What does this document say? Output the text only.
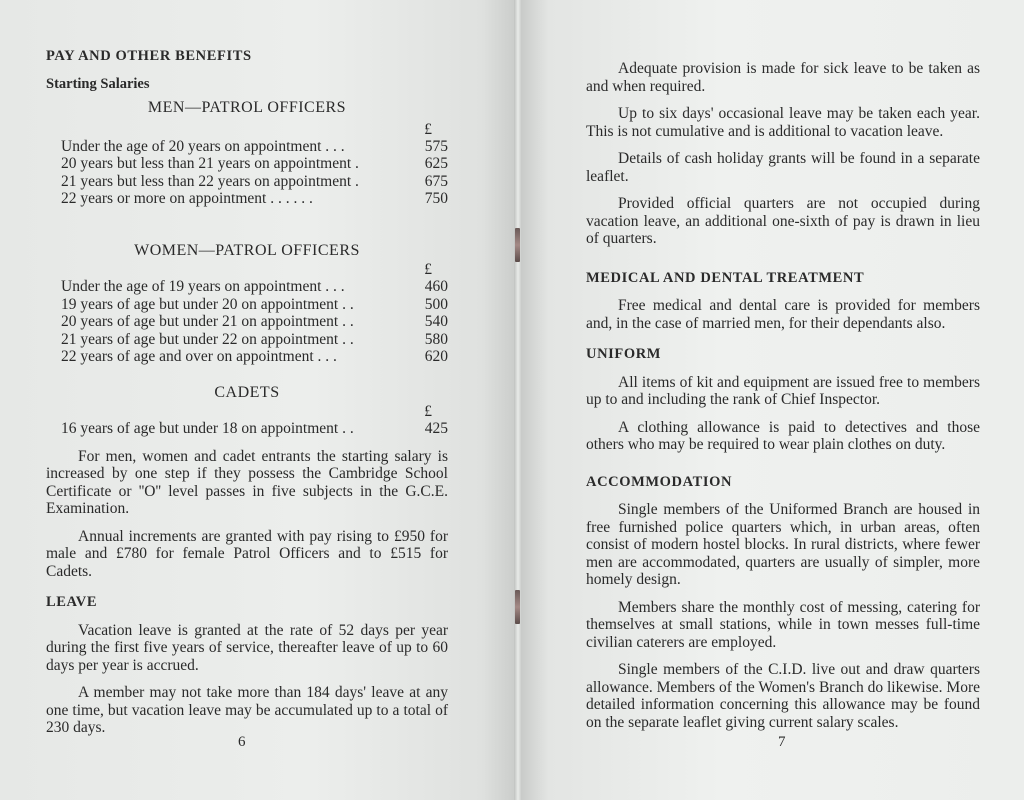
PAY AND OTHER BENEFITS
Starting Salaries
MEN—PATROL OFFICERS
£
Under the age of 20 years on appointment . . .	575
20 years but less than 21 years on appointment .	625
21 years but less than 22 years on appointment .	675
22 years or more on appointment . . . . . .	750
WOMEN—PATROL OFFICERS
£
Under the age of 19 years on appointment . . .	460
19 years of age but under 20 on appointment . .	500
20 years of age but under 21 on appointment . .	540
21 years of age but under 22 on appointment . .	580
22 years of age and over on appointment . . .	620
CADETS
£
16 years of age but under 18 on appointment . .	425

For men, women and cadet entrants the starting salary is increased by one step if they possess the Cambridge School Certificate or ''O'' level passes in five subjects in the G.C.E. Examination.

Annual increments are granted with pay rising to £950 for male and £780 for female Patrol Officers and to £515 for Cadets.

LEAVE

Vacation leave is granted at the rate of 52 days per year during the first five years of service, thereafter leave of up to 60 days per year is accrued.

A member may not take more than 184 days' leave at any one time, but vacation leave may be accumulated up to a total of 230 days.

6

Adequate provision is made for sick leave to be taken as and when required.

Up to six days' occasional leave may be taken each year. This is not cumulative and is additional to vacation leave.

Details of cash holiday grants will be found in a separate leaflet.

Provided official quarters are not occupied during vacation leave, an additional one-sixth of pay is drawn in lieu of quarters.

MEDICAL AND DENTAL TREATMENT

Free medical and dental care is provided for members and, in the case of married men, for their dependants also.

UNIFORM

All items of kit and equipment are issued free to members up to and including the rank of Chief Inspector.

A clothing allowance is paid to detectives and those others who may be required to wear plain clothes on duty.

ACCOMMODATION

Single members of the Uniformed Branch are housed in free furnished police quarters which, in urban areas, often consist of modern hostel blocks. In rural districts, where fewer men are accommodated, quarters are usually of simpler, more homely design.

Members share the monthly cost of messing, catering for themselves at small stations, while in town messes full-time civilian caterers are employed.

Single members of the C.I.D. live out and draw quarters allowance. Members of the Women's Branch do likewise. More detailed information concerning this allowance may be found on the separate leaflet giving current salary scales.

7
